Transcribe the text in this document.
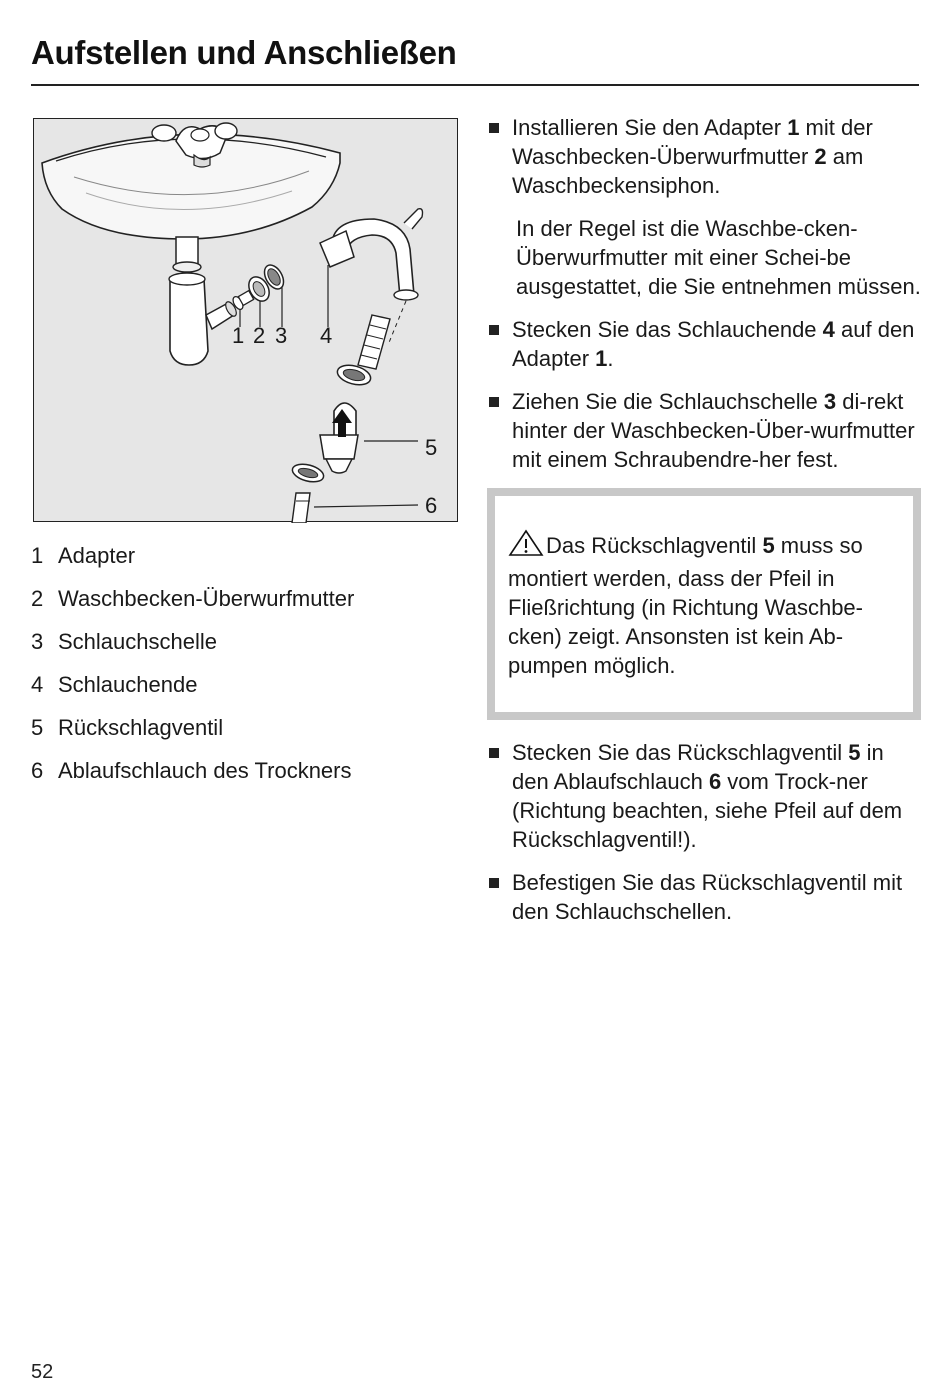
Aufstellen und Anschließen
1 2 3 4
5
6
1 Adapter
2 Waschbecken-Überwurfmutter
3 Schlauchschelle
4 Schlauchende
5 Rückschlagventil
6 Ablaufschlauch des Trockners

Installieren Sie den Adapter 1 mit der Waschbecken-Überwurfmutter 2 am Waschbeckensiphon.

In der Regel ist die Waschbe-cken-Überwurfmutter mit einer Schei-be ausgestattet, die Sie entnehmen müssen.

Stecken Sie das Schlauchende 4 auf den Adapter 1.

Ziehen Sie die Schlauchschelle 3 di-rekt hinter der Waschbecken-Über-wurfmutter mit einem Schraubendre-her fest.

Das Rückschlagventil 5 muss so montiert werden, dass der Pfeil in Fließrichtung (in Richtung Waschbe-cken) zeigt. Ansonsten ist kein Ab-pumpen möglich.

Stecken Sie das Rückschlagventil 5 in den Ablaufschlauch 6 vom Trock-ner (Richtung beachten, siehe Pfeil auf dem Rückschlagventil!).

Befestigen Sie das Rückschlagventil mit den Schlauchschellen.

52
